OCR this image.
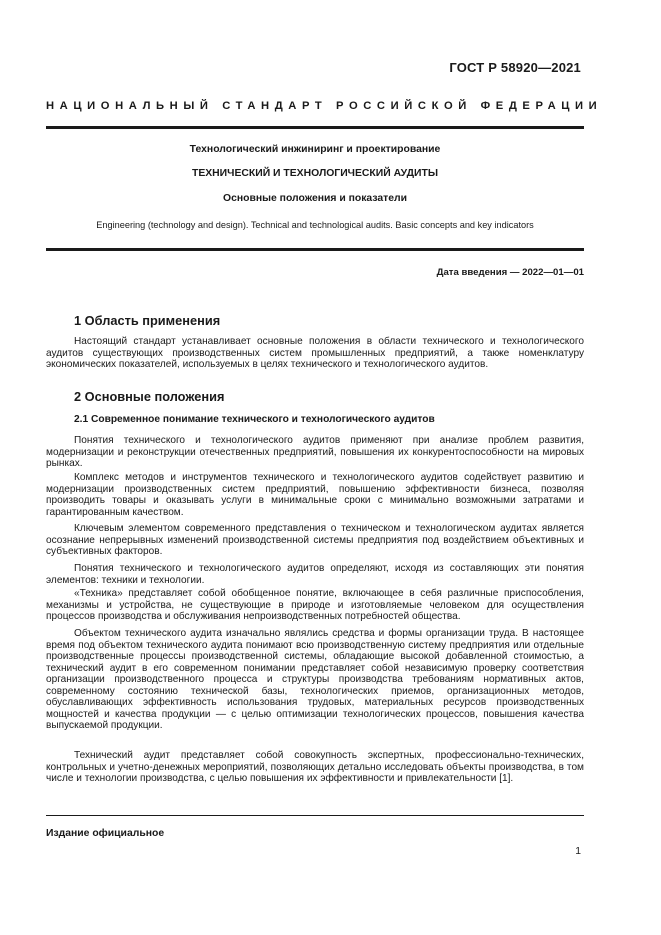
ГОСТ Р 58920—2021
НАЦИОНАЛЬНЫЙ СТАНДАРТ РОССИЙСКОЙ ФЕДЕРАЦИИ
Технологический инжиниринг и проектирование
ТЕХНИЧЕСКИЙ И ТЕХНОЛОГИЧЕСКИЙ АУДИТЫ
Основные положения и показатели
Engineering (technology and design). Technical and technological audits. Basic concepts and key indicators
Дата введения — 2022—01—01
1 Область применения

Настоящий стандарт устанавливает основные положения в области технического и технологического аудитов существующих производственных систем промышленных предприятий, а также номенклатуру экономических показателей, используемых в целях технического и технологического аудитов.

2 Основные положения
2.1 Современное понимание технического и технологического аудитов

Понятия технического и технологического аудитов применяют при анализе проблем развития, модернизации и реконструкции отечественных предприятий, повышения их конкурентоспособности на мировых рынках.

Комплекс методов и инструментов технического и технологического аудитов содействует развитию и модернизации производственных систем предприятий, повышению эффективности бизнеса, позволяя производить товары и оказывать услуги в минимальные сроки с минимально возможными затратами и гарантированным качеством.

Ключевым элементом современного представления о техническом и технологическом аудитах является осознание непрерывных изменений производственной системы предприятия под воздействием объективных и субъективных факторов.

Понятия технического и технологического аудитов определяют, исходя из составляющих эти понятия элементов: техники и технологии.

«Техника» представляет собой обобщенное понятие, включающее в себя различные приспособления, механизмы и устройства, не существующие в природе и изготовляемые человеком для осуществления процессов производства и обслуживания непроизводственных потребностей общества.

Объектом технического аудита изначально являлись средства и формы организации труда. В настоящее время под объектом технического аудита понимают всю производственную систему предприятия или отдельные производственные процессы производственной системы, обладающие высокой добавленной стоимостью, а технический аудит в его современном понимании представляет собой независимую проверку соответствия организации производственного процесса и структуры производства требованиям нормативных актов, современному состоянию технической базы, технологических приемов, организационных методов, обуславливающих эффективность использования трудовых, материальных ресурсов производственных мощностей и качества продукции — с целью оптимизации технологических процессов, повышения качества выпускаемой продукции.

Технический аудит представляет собой совокупность экспертных, профессионально-технических, контрольных и учетно-денежных мероприятий, позволяющих детально исследовать объекты производства, в том числе и технологии производства, с целью повышения их эффективности и привлекательности [1].

Издание официальное
1
